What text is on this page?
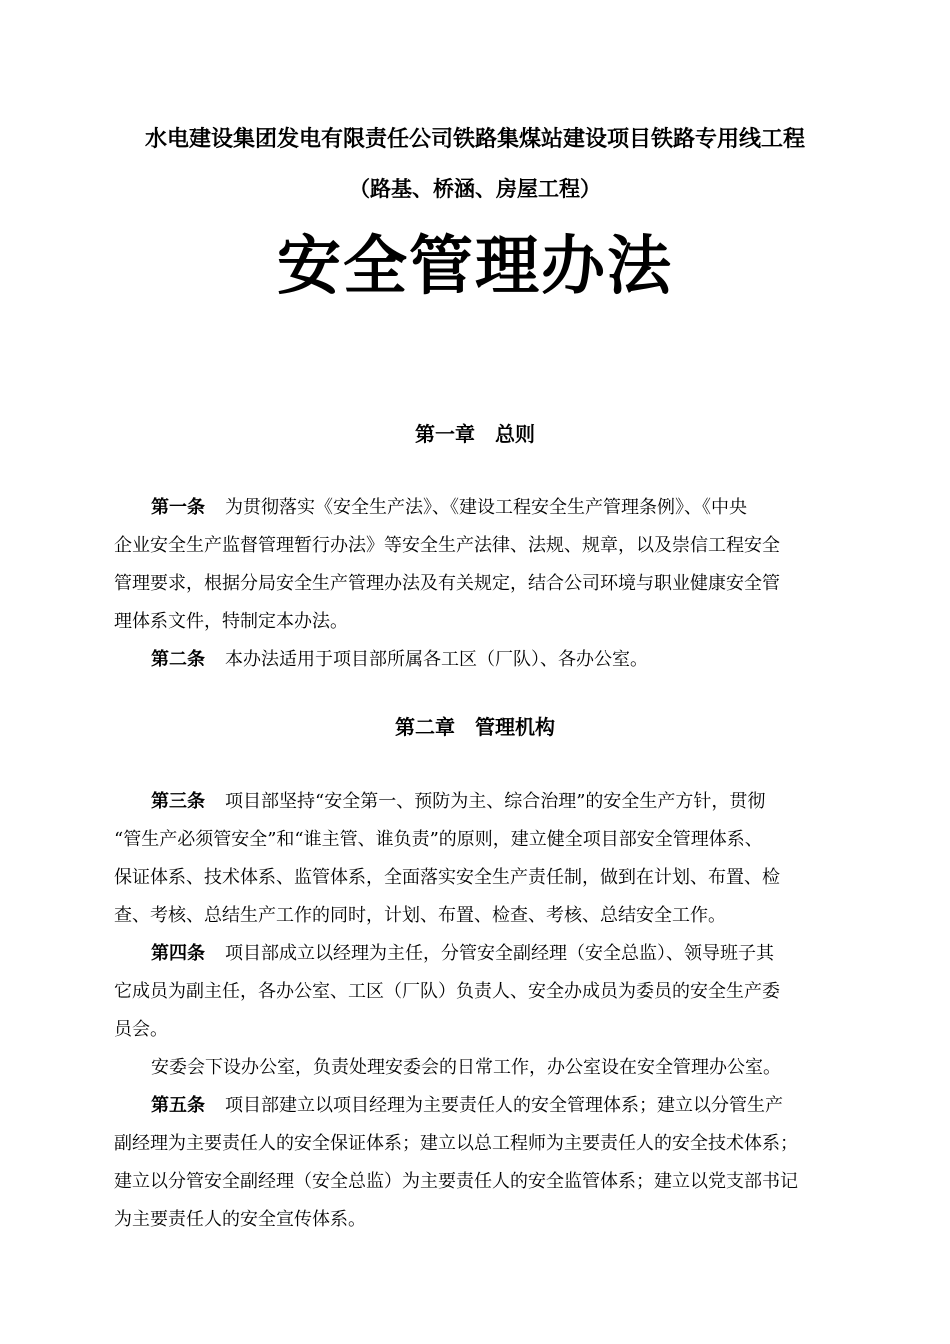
水电建设集团发电有限责任公司铁路集煤站建设项目铁路专用线工程
（路基、桥涵、房屋工程）
安全管理办法
第一章　总则
第一条 为贯彻落实《安全生产法》、《建设工程安全生产管理条例》、《中央
企业安全生产监督管理暂行办法》等安全生产法律、法规、规章，以及崇信工程安全
管理要求，根据分局安全生产管理办法及有关规定，结合公司环境与职业健康安全管
理体系文件，特制定本办法。
第二条 本办法适用于项目部所属各工区（厂队）、各办公室。
第二章　管理机构
第三条 项目部坚持“安全第一、预防为主、综合治理”的安全生产方针，贯彻
“管生产必须管安全”和“谁主管、谁负责”的原则，建立健全项目部安全管理体系、
保证体系、技术体系、监管体系，全面落实安全生产责任制，做到在计划、布置、检
查、考核、总结生产工作的同时，计划、布置、检查、考核、总结安全工作。
第四条 项目部成立以经理为主任，分管安全副经理（安全总监）、领导班子其
它成员为副主任，各办公室、工区（厂队）负责人、安全办成员为委员的安全生产委
员会。
安委会下设办公室，负责处理安委会的日常工作，办公室设在安全管理办公室。
第五条 项目部建立以项目经理为主要责任人的安全管理体系；建立以分管生产
副经理为主要责任人的安全保证体系；建立以总工程师为主要责任人的安全技术体系；
建立以分管安全副经理（安全总监）为主要责任人的安全监管体系；建立以党支部书记
为主要责任人的安全宣传体系。
